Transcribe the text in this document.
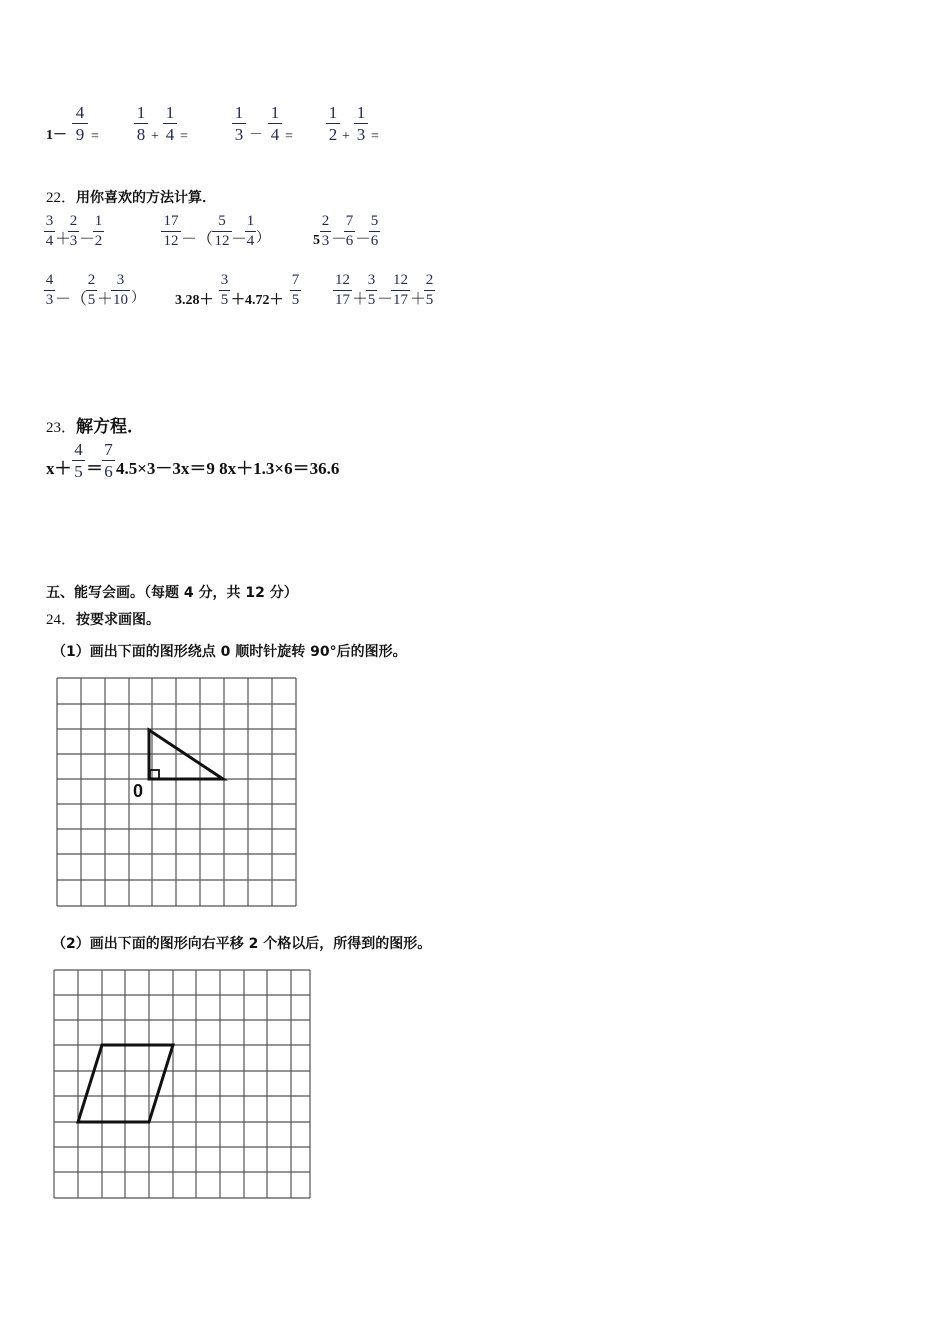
1－
4
9 =
1
8 +
1
4 =
1
3 －
1
4 =
1
2 +
1
3 =
22．用你喜欢的方法计算．
3
4 ＋
2
3 －
1
2
17
12 －（
5
12 －
1
4 ）	5
2
3 －
7
6 －
5
6
4
3 －（
2
5 ＋
3
10 ） 3.28＋
3
5 ＋4.72＋
7
5
12
17 ＋
3
5 －
12
17 ＋
2
5
23．解方程．
x＋
4
5 ＝
7
6 4.5×3－3x＝9 8x＋1.3×6＝36.6
五、能写会画。（每题 4 分，共 12 分）
24．按要求画图。
（1）画出下面的图形绕点 0 顺时针旋转 90°后的图形。
0
（2）画出下面的图形向右平移 2 个格以后，所得到的图形。
